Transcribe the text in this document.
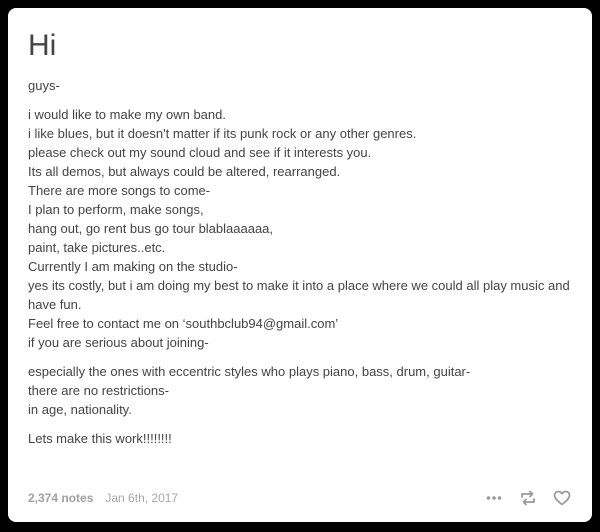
Hi
guys-
i would like to make my own band.
i like blues, but it doesn't matter if its punk rock or any other genres.
please check out my sound cloud and see if it interests you.
Its all demos, but always could be altered, rearranged.
There are more songs to come-
I plan to perform, make songs,
hang out, go rent bus go tour blablaaaaaa,
paint, take pictures..etc.
Currently I am making on the studio-
yes its costly, but i am doing my best to make it into a place where we could all play music and have fun.
Feel free to contact me on ‘southbclub94@gmail.com’
if you are serious about joining-
especially the ones with eccentric styles who plays piano, bass, drum, guitar-
there are no restrictions-
in age, nationality.
Lets make this work!!!!!!!!
2,374 notes Jan 6th, 2017
